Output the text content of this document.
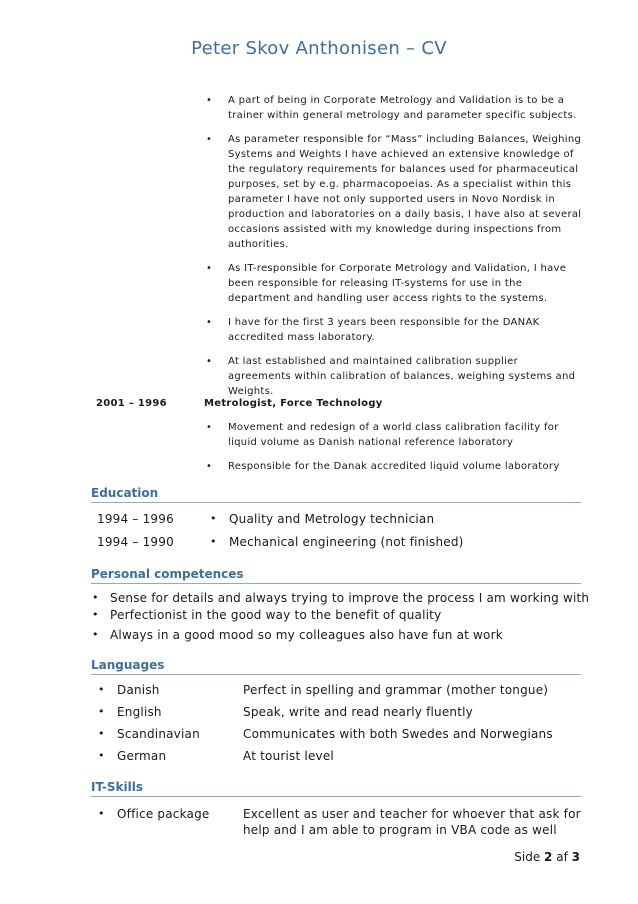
Peter Skov Anthonisen – CV
• A part of being in Corporate Metrology and Validation is to be a trainer within general metrology and parameter specific subjects.
• As parameter responsible for “Mass” including Balances, Weighing Systems and Weights I have achieved an extensive knowledge of the regulatory requirements for balances used for pharmaceutical purposes, set by e.g. pharmacopoeias. As a specialist within this parameter I have not only supported users in Novo Nordisk in production and laboratories on a daily basis, I have also at several occasions assisted with my knowledge during inspections from authorities.
• As IT-responsible for Corporate Metrology and Validation, I have been responsible for releasing IT-systems for use in the department and handling user access rights to the systems.
• I have for the first 3 years been responsible for the DANAK accredited mass laboratory.
• At last established and maintained calibration supplier agreements within calibration of balances, weighing systems and Weights.
2001 – 1996	Metrologist, Force Technology
• Movement and redesign of a world class calibration facility for liquid volume as Danish national reference laboratory
• Responsible for the Danak accredited liquid volume laboratory
Education
1994 – 1996	• Quality and Metrology technician
1994 – 1990	• Mechanical engineering (not finished)
Personal competences
• Sense for details and always trying to improve the process I am working with
• Perfectionist in the good way to the benefit of quality
• Always in a good mood so my colleagues also have fun at work
Languages
• Danish	Perfect in spelling and grammar (mother tongue)
• English	Speak, write and read nearly fluently
• Scandinavian	Communicates with both Swedes and Norwegians
• German	At tourist level
IT-Skills
• Office package	Excellent as user and teacher for whoever that ask for
help and I am able to program in VBA code as well
Side 2 af 3
